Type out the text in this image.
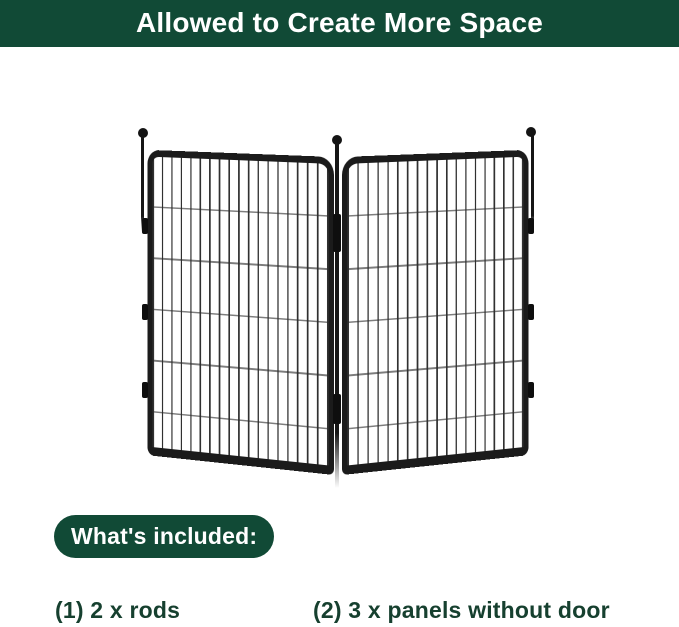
Allowed to Create More Space
What's included:
(1) 2 x rods	(2) 3 x panels without door
